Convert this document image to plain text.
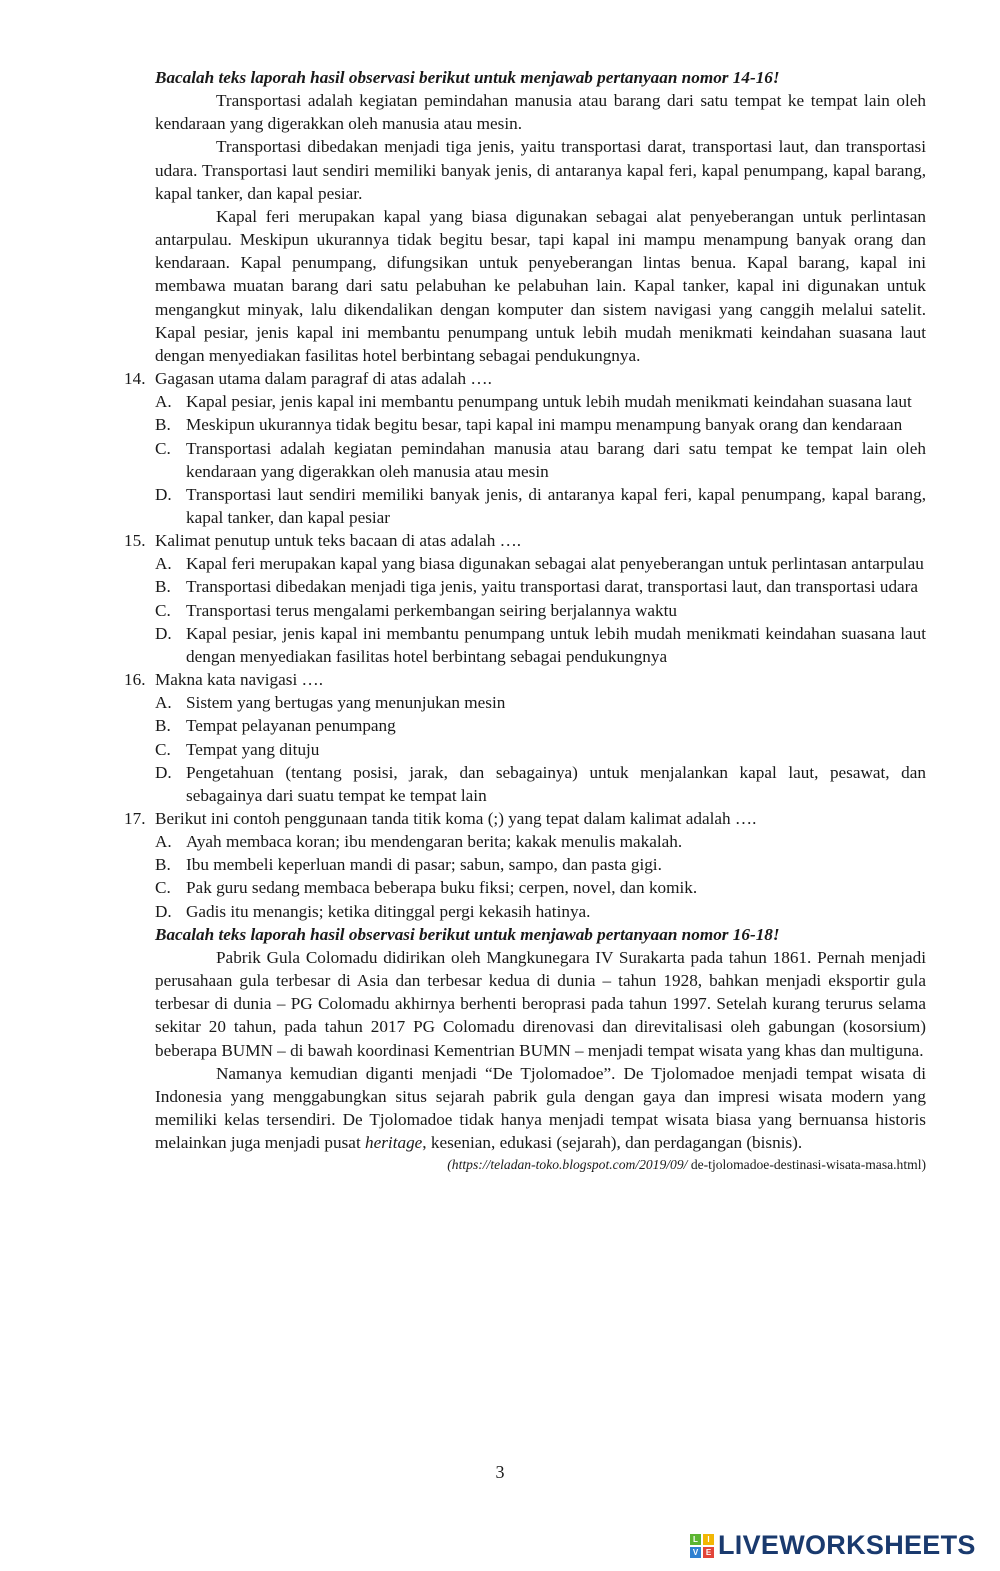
Bacalah teks laporah hasil observasi berikut untuk menjawab pertanyaan nomor 14-16!

Transportasi adalah kegiatan pemindahan manusia atau barang dari satu tempat ke tempat lain oleh kendaraan yang digerakkan oleh manusia atau mesin.

Transportasi dibedakan menjadi tiga jenis, yaitu transportasi darat, transportasi laut, dan transportasi udara. Transportasi laut sendiri memiliki banyak jenis, di antaranya kapal feri, kapal penumpang, kapal barang, kapal tanker, dan kapal pesiar.

Kapal feri merupakan kapal yang biasa digunakan sebagai alat penyeberangan untuk perlintasan antarpulau. Meskipun ukurannya tidak begitu besar, tapi kapal ini mampu menampung banyak orang dan kendaraan. Kapal penumpang, difungsikan untuk penyeberangan lintas benua. Kapal barang, kapal ini membawa muatan barang dari satu pelabuhan ke pelabuhan lain. Kapal tanker, kapal ini digunakan untuk mengangkut minyak, lalu dikendalikan dengan komputer dan sistem navigasi yang canggih melalui satelit. Kapal pesiar, jenis kapal ini membantu penumpang untuk lebih mudah menikmati keindahan suasana laut dengan menyediakan fasilitas hotel berbintang sebagai pendukungnya.

14. Gagasan utama dalam paragraf di atas adalah ….
A. Kapal pesiar, jenis kapal ini membantu penumpang untuk lebih mudah menikmati keindahan suasana laut
B. Meskipun ukurannya tidak begitu besar, tapi kapal ini mampu menampung banyak orang dan kendaraan
C. Transportasi adalah kegiatan pemindahan manusia atau barang dari satu tempat ke tempat lain oleh kendaraan yang digerakkan oleh manusia atau mesin
D. Transportasi laut sendiri memiliki banyak jenis, di antaranya kapal feri, kapal penumpang, kapal barang, kapal tanker, dan kapal pesiar
15. Kalimat penutup untuk teks bacaan di atas adalah ….
A. Kapal feri merupakan kapal yang biasa digunakan sebagai alat penyeberangan untuk perlintasan antarpulau
B. Transportasi dibedakan menjadi tiga jenis, yaitu transportasi darat, transportasi laut, dan transportasi udara
C. Transportasi terus mengalami perkembangan seiring berjalannya waktu
D. Kapal pesiar, jenis kapal ini membantu penumpang untuk lebih mudah menikmati keindahan suasana laut dengan menyediakan fasilitas hotel berbintang sebagai pendukungnya
16. Makna kata navigasi ….
A. Sistem yang bertugas yang menunjukan mesin
B. Tempat pelayanan penumpang
C. Tempat yang dituju
D. Pengetahuan (tentang posisi, jarak, dan sebagainya) untuk menjalankan kapal laut, pesawat, dan sebagainya dari suatu tempat ke tempat lain
17. Berikut ini contoh penggunaan tanda titik koma (;) yang tepat dalam kalimat adalah ….
A. Ayah membaca koran; ibu mendengaran berita; kakak menulis makalah.
B. Ibu membeli keperluan mandi di pasar; sabun, sampo, dan pasta gigi.
C. Pak guru sedang membaca beberapa buku fiksi; cerpen, novel, dan komik.
D. Gadis itu menangis; ketika ditinggal pergi kekasih hatinya.
Bacalah teks laporah hasil observasi berikut untuk menjawab pertanyaan nomor 16-18!

Pabrik Gula Colomadu didirikan oleh Mangkunegara IV Surakarta pada tahun 1861. Pernah menjadi perusahaan gula terbesar di Asia dan terbesar kedua di dunia – tahun 1928, bahkan menjadi eksportir gula terbesar di dunia – PG Colomadu akhirnya berhenti beroprasi pada tahun 1997. Setelah kurang terurus selama sekitar 20 tahun, pada tahun 2017 PG Colomadu direnovasi dan direvitalisasi oleh gabungan (kosorsium) beberapa BUMN – di bawah koordinasi Kementrian BUMN – menjadi tempat wisata yang khas dan multiguna.

Namanya kemudian diganti menjadi “De Tjolomadoe”. De Tjolomadoe menjadi tempat wisata di Indonesia yang menggabungkan situs sejarah pabrik gula dengan gaya dan impresi wisata modern yang memiliki kelas tersendiri. De Tjolomadoe tidak hanya menjadi tempat wisata biasa yang bernuansa historis melainkan juga menjadi pusat heritage, kesenian, edukasi (sejarah), dan perdagangan (bisnis).

(https://teladan-toko.blogspot.com/2019/09/ de-tjolomadoe-destinasi-wisata-masa.html)
3
L	I
V E LIVEWORKSHEETS
